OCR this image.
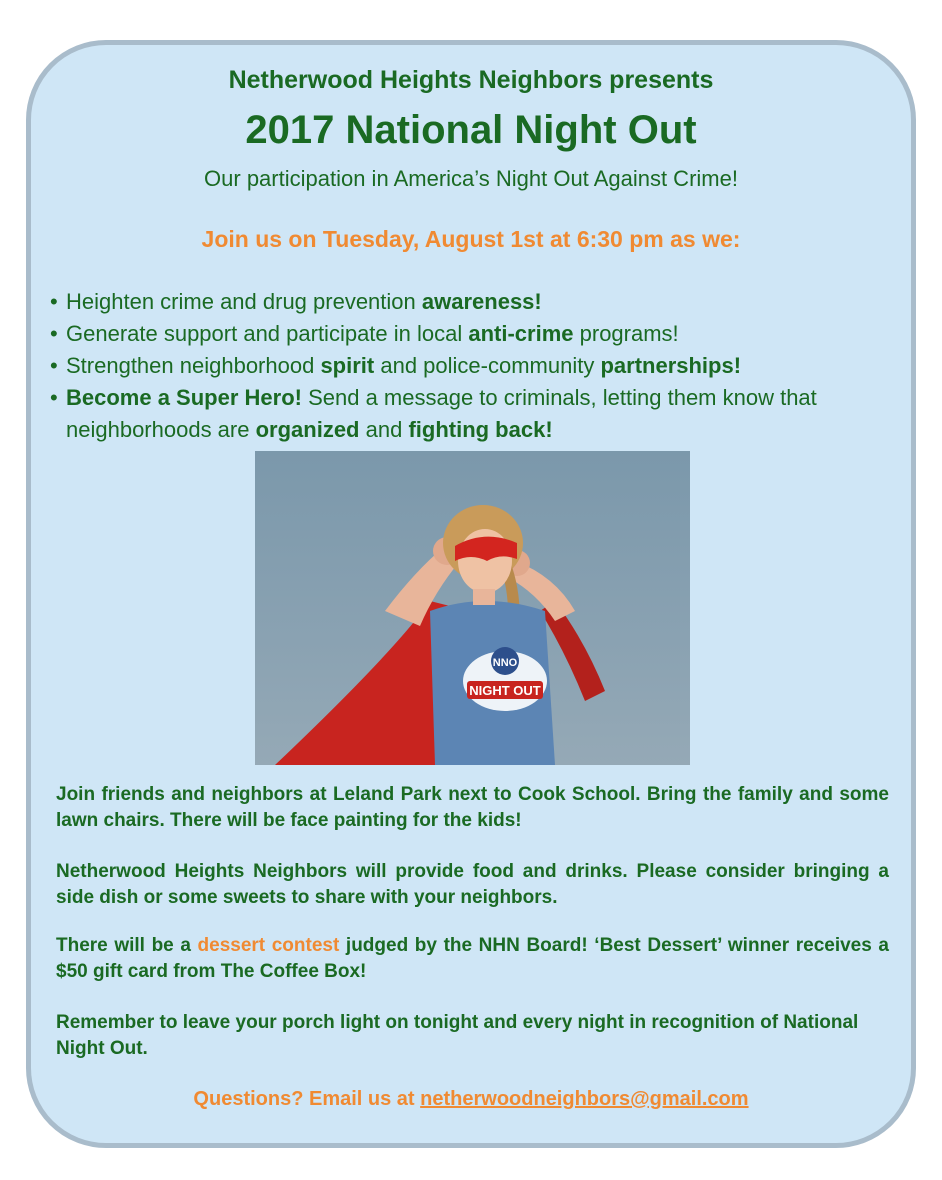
Netherwood Heights Neighbors presents
2017 National Night Out
Our participation in America’s Night Out Against Crime!
Join us on Tuesday, August 1st at 6:30 pm as we:
• Heighten crime and drug prevention awareness!
• Generate support and participate in local anti-crime programs!
• Strengthen neighborhood spirit and police-community partnerships!
• Become a Super Hero! Send a message to criminals, letting them know that neighborhoods are organized and fighting back!
NNO
NIGHT OUT
Join friends and neighbors at Leland Park next to Cook School. Bring the family and some lawn chairs. There will be face painting for the kids!
Netherwood Heights Neighbors will provide food and drinks. Please consider bringing a side dish or some sweets to share with your neighbors.
There will be a dessert contest judged by the NHN Board! ‘Best Dessert’ winner receives a $50 gift card from The Coffee Box!
Remember to leave your porch light on tonight and every night in recognition of National Night Out.
Questions? Email us at netherwoodneighbors@gmail.com
